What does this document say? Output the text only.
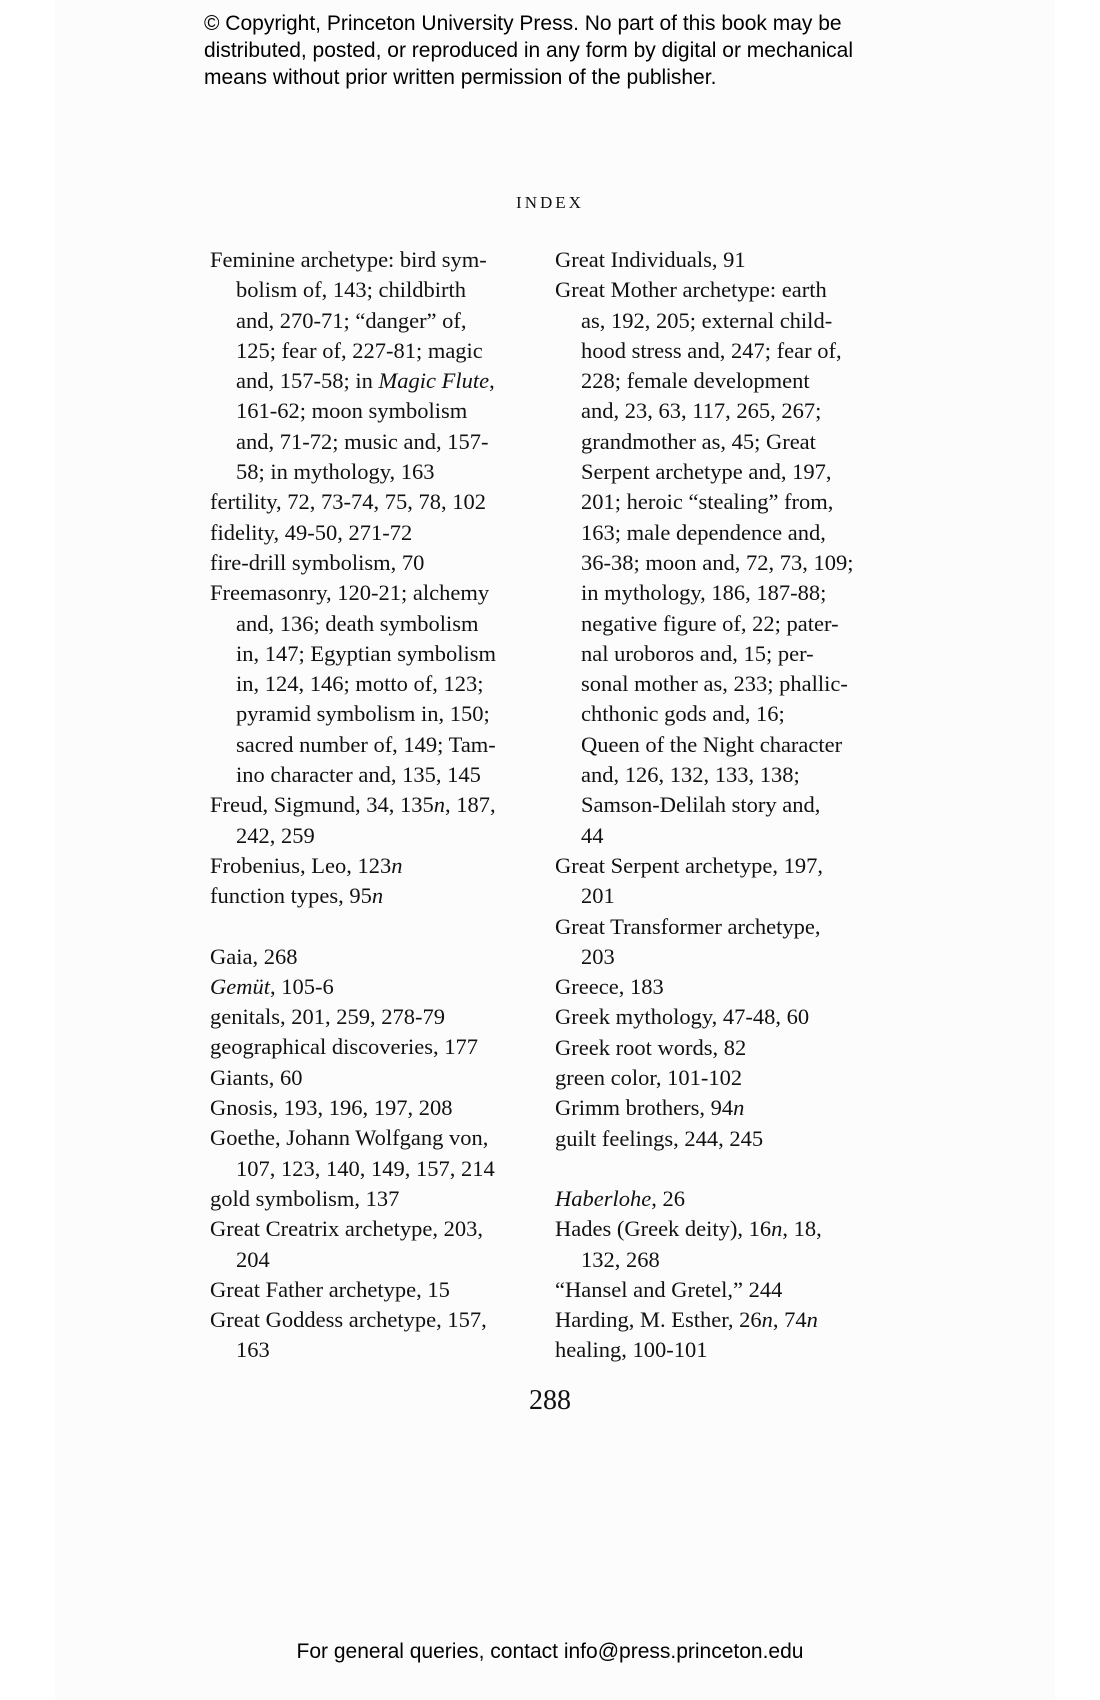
© Copyright, Princeton University Press. No part of this book may be
distributed, posted, or reproduced in any form by digital or mechanical
means without prior written permission of the publisher.
INDEX
Feminine archetype: bird sym-
bolism of, 143; childbirth
and, 270-71; “danger” of,
125; fear of, 227-81; magic
and, 157-58; in Magic Flute,
161-62; moon symbolism
and, 71-72; music and, 157-
58; in mythology, 163
fertility, 72, 73-74, 75, 78, 102
fidelity, 49-50, 271-72
fire-drill symbolism, 70
Freemasonry, 120-21; alchemy
and, 136; death symbolism
in, 147; Egyptian symbolism
in, 124, 146; motto of, 123;
pyramid symbolism in, 150;
sacred number of, 149; Tam-
ino character and, 135, 145
Freud, Sigmund, 34, 135n, 187,
242, 259
Frobenius, Leo, 123n
function types, 95n
Gaia, 268
Gemüt, 105-6
genitals, 201, 259, 278-79
geographical discoveries, 177
Giants, 60
Gnosis, 193, 196, 197, 208
Goethe, Johann Wolfgang von,
107, 123, 140, 149, 157, 214
gold symbolism, 137
Great Creatrix archetype, 203,
204
Great Father archetype, 15
Great Goddess archetype, 157,
163
Great Individuals, 91
Great Mother archetype: earth
as, 192, 205; external child-
hood stress and, 247; fear of,
228; female development
and, 23, 63, 117, 265, 267;
grandmother as, 45; Great
Serpent archetype and, 197,
201; heroic “stealing” from,
163; male dependence and,
36-38; moon and, 72, 73, 109;
in mythology, 186, 187-88;
negative figure of, 22; pater-
nal uroboros and, 15; per-
sonal mother as, 233; phallic-
chthonic gods and, 16;
Queen of the Night character
and, 126, 132, 133, 138;
Samson-Delilah story and,
44
Great Serpent archetype, 197,
201
Great Transformer archetype,
203
Greece, 183
Greek mythology, 47-48, 60
Greek root words, 82
green color, 101-102
Grimm brothers, 94n
guilt feelings, 244, 245
Haberlohe, 26
Hades (Greek deity), 16n, 18,
132, 268
“Hansel and Gretel,” 244
Harding, M. Esther, 26n, 74n
healing, 100-101
288
For general queries, contact info@press.princeton.edu
